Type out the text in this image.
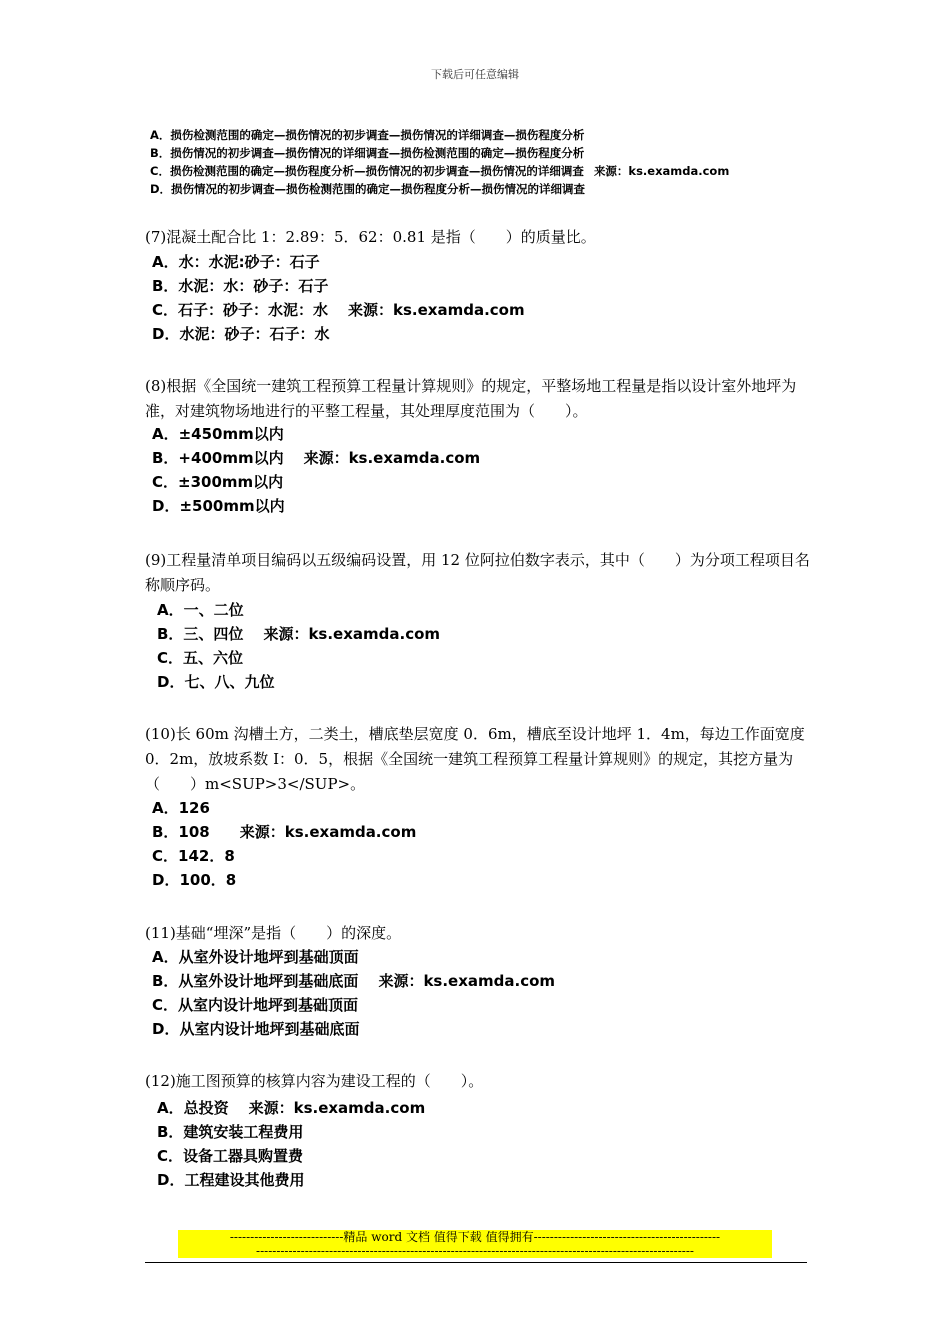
下载后可任意编辑
A．损伤检测范围的确定—损伤情况的初步调查—损伤情况的详细调查—损伤程度分析
B．损伤情况的初步调查—损伤情况的详细调查—损伤检测范围的确定—损伤程度分析
C．损伤检测范围的确定—损伤程度分析—损伤情况的初步调查—损伤情况的详细调查 来源：ks.examda.com
D．损伤情况的初步调查—损伤检测范围的确定—损伤程度分析—损伤情况的详细调查
(7)混凝土配合比 1：2.89：5．62：0.81 是指（　　）的质量比。
A．水：水泥:砂子：石子
B．水泥：水：砂子：石子
C．石子：砂子：水泥：水 来源：ks.examda.com
D．水泥：砂子：石子：水
(8)根据《全国统一建筑工程预算工程量计算规则》的规定，平整场地工程量是指以设计室外地坪为准，对建筑物场地进行的平整工程量，其处理厚度范围为（　　）。
A．±450mm以内
B．+400mm以内 来源：ks.examda.com
C．±300mm以内
D．±500mm以内
(9)工程量清单项目编码以五级编码设置，用 12 位阿拉伯数字表示，其中（　　）为分项工程项目名称顺序码。
A．一、二位
B．三、四位 来源：ks.examda.com
C．五、六位
D．七、八、九位
(10)长 60m 沟槽土方，二类土，槽底垫层宽度 0．6m，槽底至设计地坪 1．4m，每边工作面宽度 0．2m，放坡系数 I：0．5，根据《全国统一建筑工程预算工程量计算规则》的规定，其挖方量为（　　）m<SUP>3</SUP>。
A．126
B．108 来源：ks.examda.com
C．142．8
D．100．8
(11)基础“埋深”是指（　　）的深度。
A．从室外设计地坪到基础顶面
B．从室外设计地坪到基础底面 来源：ks.examda.com
C．从室内设计地坪到基础顶面
D．从室内设计地坪到基础底面
(12)施工图预算的核算内容为建设工程的（　　）。
A．总投资 来源：ks.examda.com
B．建筑安装工程费用
C．设备工器具购置费
D．工程建设其他费用
----------------------------精品 word 文档 值得下载 值得拥有----------------------------------------------
------------------------------------------------------------------------------------------------------------
